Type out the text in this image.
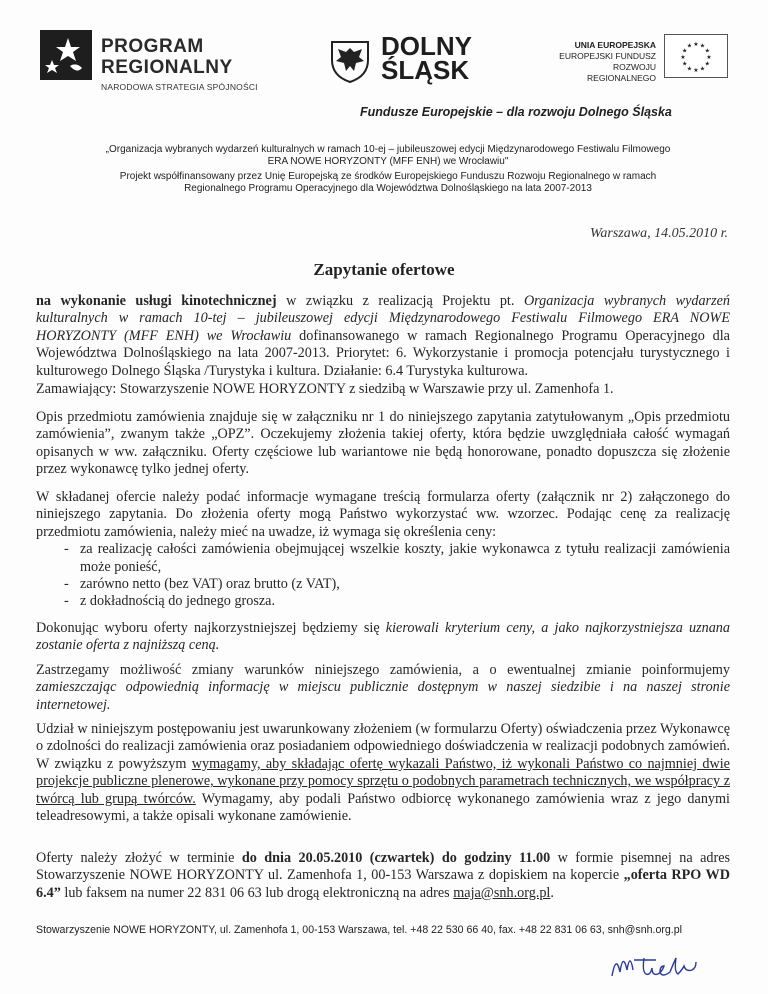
PROGRAM
REGIONALNY
NARODOWA STRATEGIA SPÓJNOŚCI
DOLNY
ŚLĄSK
UNIA EUROPEJSKA
EUROPEJSKI FUNDUSZ
ROZWOJU REGIONALNEGO
★
★
★
★
★
★
★
★
★ ★ ★
★
Fundusze Europejskie – dla rozwoju Dolnego Śląska
„Organizacja wybranych wydarzeń kulturalnych w ramach 10-ej – jubileuszowej edycji Międzynarodowego Festiwalu Filmowego
ERA NOWE HORYZONTY (MFF ENH) we Wrocławiu"
Projekt współfinansowany przez Unię Europejską ze środków Europejskiego Funduszu Rozwoju Regionalnego w ramach
Regionalnego Programu Operacyjnego dla Województwa Dolnośląskiego na lata 2007-2013
Warszawa, 14.05.2010 r.
Zapytanie ofertowe
na wykonanie usługi kinotechnicznej w związku z realizacją Projektu pt. Organizacja wybranych wydarzeń kulturalnych w ramach 10-tej – jubileuszowej edycji Międzynarodowego Festiwalu Filmowego ERA NOWE HORYZONTY (MFF ENH) we Wrocławiu dofinansowanego w ramach Regionalnego Programu Operacyjnego dla Województwa Dolnośląskiego na lata 2007-2013. Priorytet: 6. Wykorzystanie i promocja potencjału turystycznego i kulturowego Dolnego Śląska /Turystyka i kultura. Działanie: 6.4 Turystyka kulturowa.
Zamawiający: Stowarzyszenie NOWE HORYZONTY z siedzibą w Warszawie przy ul. Zamenhofa 1.
Opis przedmiotu zamówienia znajduje się w załączniku nr 1 do niniejszego zapytania zatytułowanym „Opis przedmiotu zamówienia”, zwanym także „OPZ”. Oczekujemy złożenia takiej oferty, która będzie uwzględniała całość wymagań opisanych w ww. załączniku. Oferty częściowe lub wariantowe nie będą honorowane, ponadto dopuszcza się złożenie przez wykonawcę tylko jednej oferty.
W składanej ofercie należy podać informacje wymagane treścią formularza oferty (załącznik nr 2) załączonego do niniejszego zapytania. Do złożenia oferty mogą Państwo wykorzystać ww. wzorzec. Podając cenę za realizację przedmiotu zamówienia, należy mieć na uwadze, iż wymaga się określenia ceny:
- za realizację całości zamówienia obejmującej wszelkie koszty, jakie wykonawca z tytułu realizacji zamówienia może ponieść,
- zarówno netto (bez VAT) oraz brutto (z VAT),
- z dokładnością do jednego grosza.
Dokonując wyboru oferty najkorzystniejszej będziemy się kierowali kryterium ceny, a jako najkorzystniejsza uznana zostanie oferta z najniższą ceną.
Zastrzegamy możliwość zmiany warunków niniejszego zamówienia, a o ewentualnej zmianie poinformujemy zamieszczając odpowiednią informację w miejscu publicznie dostępnym w naszej siedzibie i na naszej stronie internetowej.
Udział w niniejszym postępowaniu jest uwarunkowany złożeniem (w formularzu Oferty) oświadczenia przez Wykonawcę o zdolności do realizacji zamówienia oraz posiadaniem odpowiedniego doświadczenia w realizacji podobnych zamówień. W związku z powyższym wymagamy, aby składając ofertę wykazali Państwo, iż wykonali Państwo co najmniej dwie projekcje publiczne plenerowe, wykonane przy pomocy sprzętu o podobnych parametrach technicznych, we współpracy z twórcą lub grupą twórców. Wymagamy, aby podali Państwo odbiorcę wykonanego zamówienia wraz z jego danymi teleadresowymi, a także opisali wykonane zamówienie.
Oferty należy złożyć w terminie do dnia 20.05.2010 (czwartek) do godziny 11.00 w formie pisemnej na adres Stowarzyszenie NOWE HORYZONTY ul. Zamenhofa 1, 00-153 Warszawa z dopiskiem na kopercie „oferta RPO WD 6.4” lub faksem na numer 22 831 06 63 lub drogą elektroniczną na adres maja@snh.org.pl.
Stowarzyszenie NOWE HORYZONTY, ul. Zamenhofa 1, 00-153 Warszawa, tel. +48 22 530 66 40, fax. +48 22 831 06 63, snh@snh.org.pl
